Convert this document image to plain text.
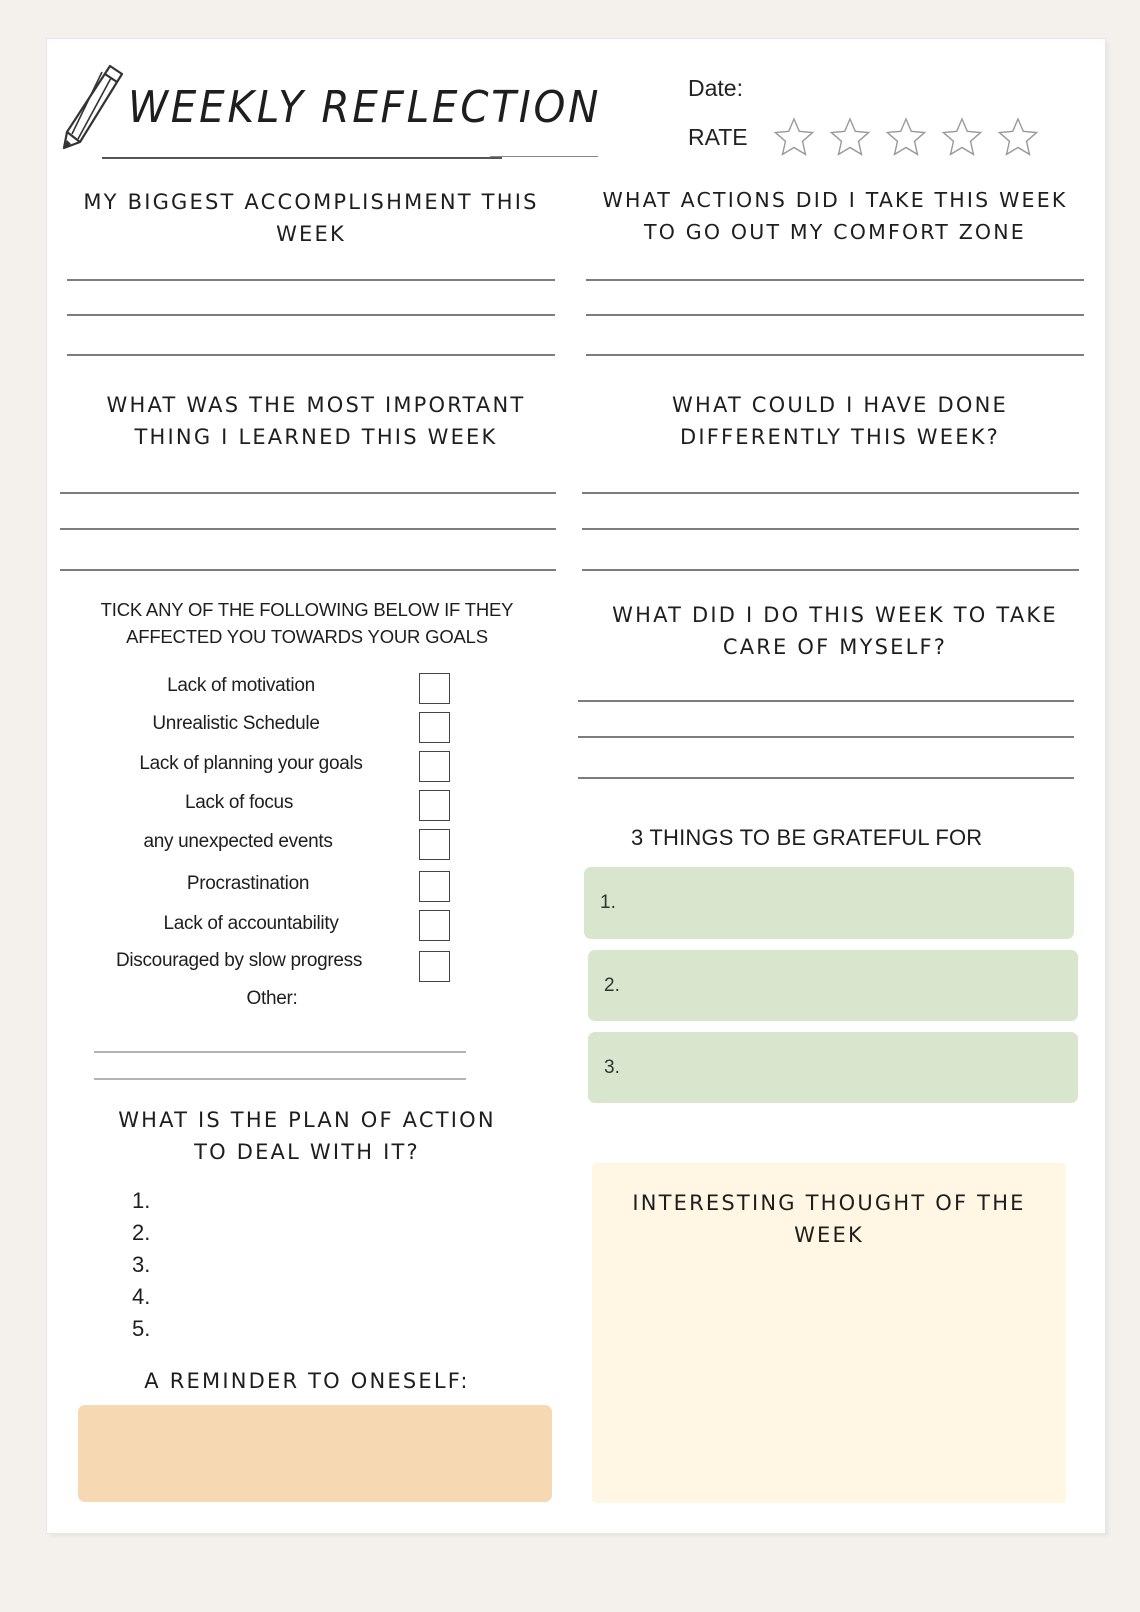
WEEKLY REFLECTION	Date:
RATE
MY BIGGEST ACCOMPLISHMENT THIS
WEEK
WHAT ACTIONS DID I TAKE THIS WEEK
TO GO OUT MY COMFORT ZONE
WHAT WAS THE MOST IMPORTANT
THING I LEARNED THIS WEEK
WHAT COULD I HAVE DONE
DIFFERENTLY THIS WEEK?
TICK ANY OF THE FOLLOWING BELOW IF THEY
AFFECTED YOU TOWARDS YOUR GOALS
Lack of motivation
Unrealistic Schedule
Lack of planning your goals
Lack of focus
any unexpected events
Procrastination
Lack of accountability
Discouraged by slow progress
Other:
WHAT IS THE PLAN OF ACTION
TO DEAL WITH IT?
1.
2.
3.
4.
5.
A REMINDER TO ONESELF:
WHAT DID I DO THIS WEEK TO TAKE
CARE OF MYSELF?
3 THINGS TO BE GRATEFUL FOR
1.
2.
3.
INTERESTING THOUGHT OF THE
WEEK
